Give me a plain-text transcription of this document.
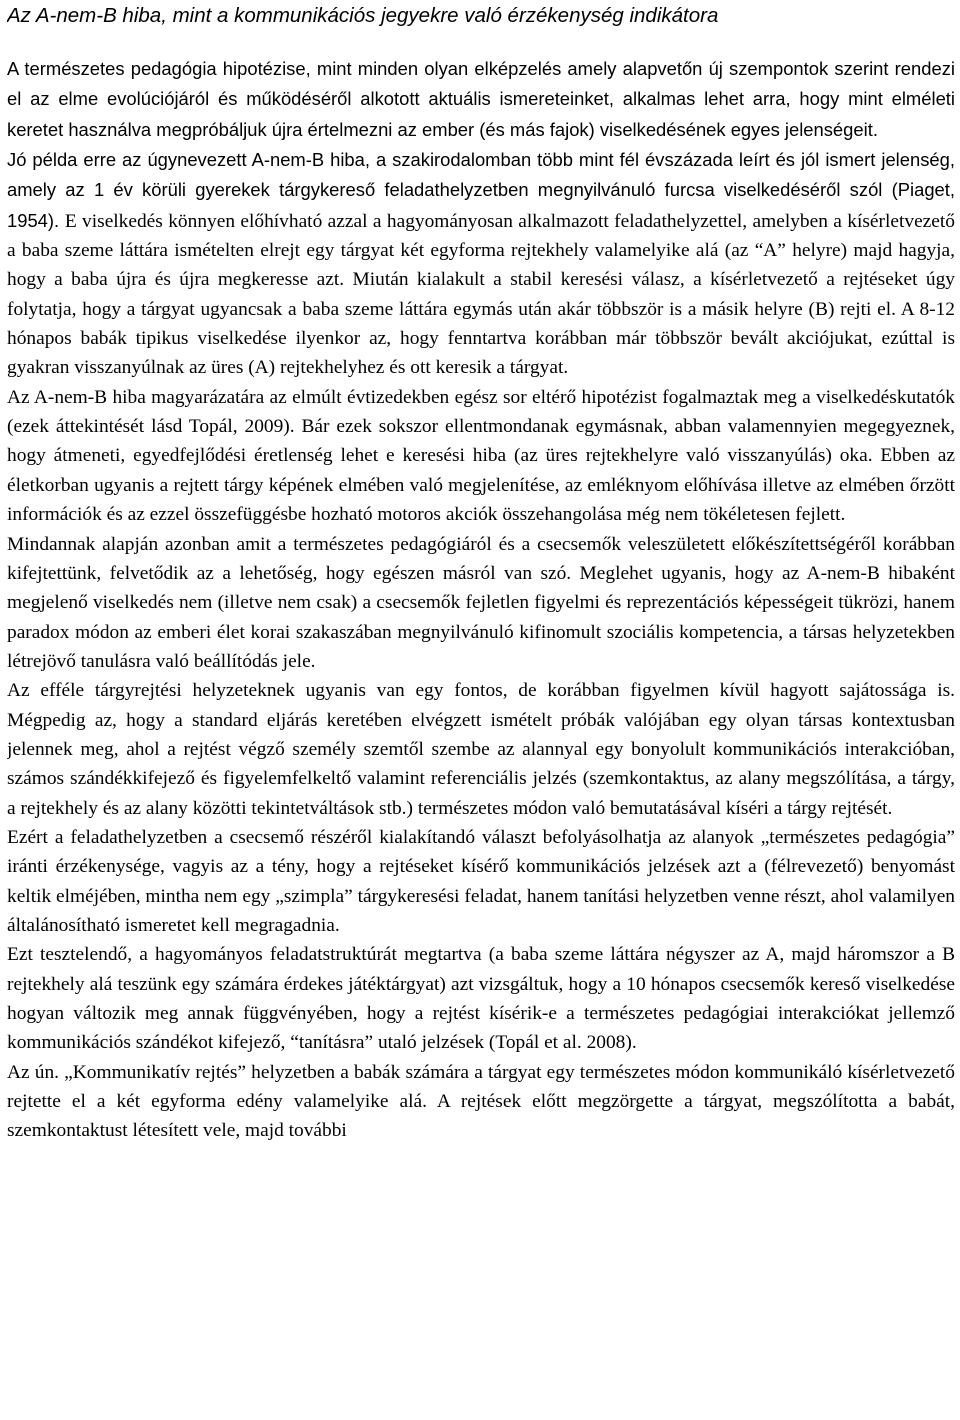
Az A-nem-B hiba, mint a kommunikációs jegyekre való érzékenység indikátora

A természetes pedagógia hipotézise, mint minden olyan elképzelés amely alapvetőn új szempontok szerint rendezi el az elme evolúciójáról és működéséről alkotott aktuális ismereteinket, alkalmas lehet arra, hogy mint elméleti keretet használva megpróbáljuk újra értelmezni az ember (és más fajok) viselkedésének egyes jelenségeit.

Jó példa erre az úgynevezett A-nem-B hiba, a szakirodalomban több mint fél évszázada leírt és jól ismert jelenség, amely az 1 év körüli gyerekek tárgykereső feladathelyzetben megnyilvánuló furcsa viselkedéséről szól (Piaget, 1954). E viselkedés könnyen előhívható azzal a hagyományosan alkalmazott feladathelyzettel, amelyben a kísérletvezető a baba szeme láttára ismételten elrejt egy tárgyat két egyforma rejtekhely valamelyike alá (az “A” helyre) majd hagyja, hogy a baba újra és újra megkeresse azt. Miután kialakult a stabil keresési válasz, a kísérletvezető a rejtéseket úgy folytatja, hogy a tárgyat ugyancsak a baba szeme láttára egymás után akár többször is a másik helyre (B) rejti el. A 8-12 hónapos babák tipikus viselkedése ilyenkor az, hogy fenntartva korábban már többször bevált akciójukat, ezúttal is gyakran visszanyúlnak az üres (A) rejtekhelyhez és ott keresik a tárgyat.

Az A-nem-B hiba magyarázatára az elmúlt évtizedekben egész sor eltérő hipotézist fogalmaztak meg a viselkedéskutatók (ezek áttekintését lásd Topál, 2009). Bár ezek sokszor ellentmondanak egymásnak, abban valamennyien megegyeznek, hogy átmeneti, egyedfejlődési éretlenség lehet e keresési hiba (az üres rejtekhelyre való visszanyúlás) oka. Ebben az életkorban ugyanis a rejtett tárgy képének elmében való megjelenítése, az emléknyom előhívása illetve az elmében őrzött információk és az ezzel összefüggésbe hozható motoros akciók összehangolása még nem tökéletesen fejlett.

Mindannak alapján azonban amit a természetes pedagógiáról és a csecsemők veleszületett előkészítettségéről korábban kifejtettünk, felvetődik az a lehetőség, hogy egészen másról van szó. Meglehet ugyanis, hogy az A-nem-B hibaként megjelenő viselkedés nem (illetve nem csak) a csecsemők fejletlen figyelmi és reprezentációs képességeit tükrözi, hanem paradox módon az emberi élet korai szakaszában megnyilvánuló kifinomult szociális kompetencia, a társas helyzetekben létrejövő tanulásra való beállítódás jele.

Az efféle tárgyrejtési helyzeteknek ugyanis van egy fontos, de korábban figyelmen kívül hagyott sajátossága is. Mégpedig az, hogy a standard eljárás keretében elvégzett ismételt próbák valójában egy olyan társas kontextusban jelennek meg, ahol a rejtést végző személy szemtől szembe az alannyal egy bonyolult kommunikációs interakcióban, számos szándékkifejező és figyelemfelkeltő valamint referenciális jelzés (szemkontaktus, az alany megszólítása, a tárgy, a rejtekhely és az alany közötti tekintetváltások stb.) természetes módon való bemutatásával kíséri a tárgy rejtését.

Ezért a feladathelyzetben a csecsemő részéről kialakítandó választ befolyásolhatja az alanyok „természetes pedagógia” iránti érzékenysége, vagyis az a tény, hogy a rejtéseket kísérő kommunikációs jelzések azt a (félrevezető) benyomást keltik elméjében, mintha nem egy „szimpla” tárgykeresési feladat, hanem tanítási helyzetben venne részt, ahol valamilyen általánosítható ismeretet kell megragadnia.

Ezt tesztelendő, a hagyományos feladatstruktúrát megtartva (a baba szeme láttára négyszer az A, majd háromszor a B rejtekhely alá teszünk egy számára érdekes játéktárgyat) azt vizsgáltuk, hogy a 10 hónapos csecsemők kereső viselkedése hogyan változik meg annak függvényében, hogy a rejtést kísérik-e a természetes pedagógiai interakciókat jellemző kommunikációs szándékot kifejező, “tanításra” utaló jelzések (Topál et al. 2008).

Az ún. „Kommunikatív rejtés” helyzetben a babák számára a tárgyat egy természetes módon kommunikáló kísérletvezető rejtette el a két egyforma edény valamelyike alá. A rejtések előtt megzörgette a tárgyat, megszólította a babát, szemkontaktust létesített vele, majd további
